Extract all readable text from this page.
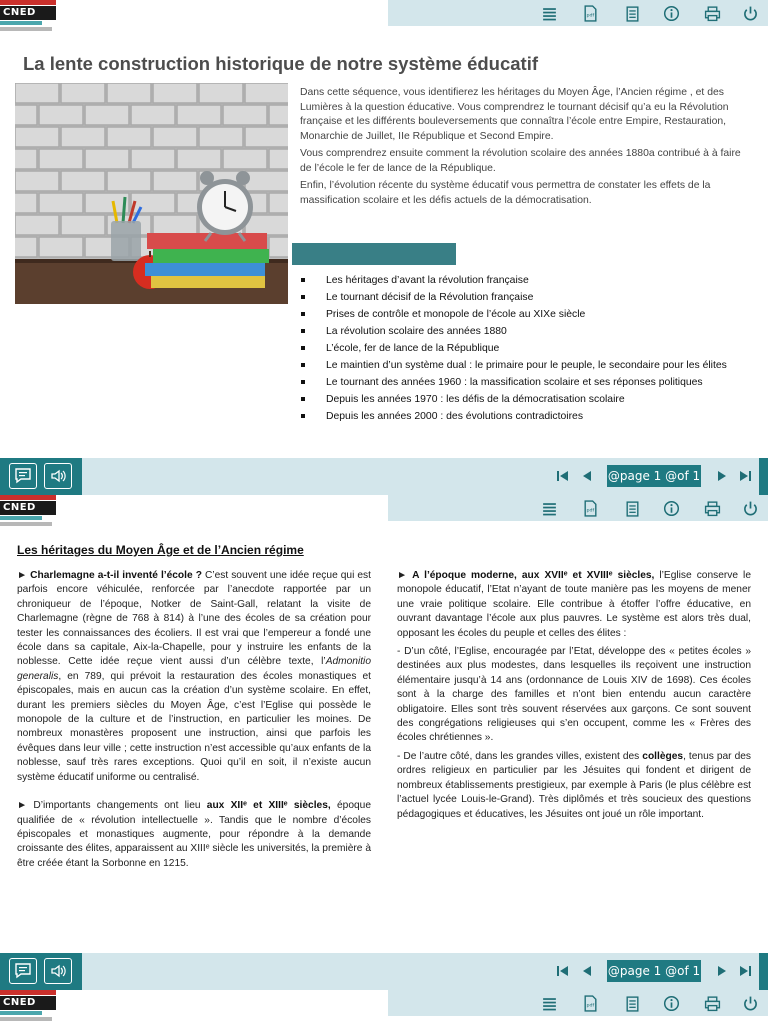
CNED	pdf
La lente construction historique de notre système éducatif

Dans cette séquence, vous identifierez les héritages du Moyen Âge, l’Ancien régime , et des Lumières à la question éducative. Vous comprendrez le tournant décisif qu’a eu la Révolution française et les différents bouleversements que connaîtra l’école entre Empire, Restauration, Monarchie de Juillet, IIe République et Second Empire.

Vous comprendrez ensuite comment la révolution scolaire des années 1880a contribué à à faire de l’école le fer de lance de la République.

Enfin, l’évolution récente du système éducatif vous permettra de constater les effets de la massification scolaire et les défis actuels de la démocratisation.

Les héritages d’avant la révolution française
Le tournant décisif de la Révolution française
Prises de contrôle et monopole de l’école au XIXe siècle
La révolution scolaire des années 1880
L’école, fer de lance de la République
Le maintien d’un système dual : le primaire pour le peuple, le secondaire pour les élites
Le tournant des années 1960 : la massification scolaire et ses réponses politiques
Depuis les années 1970 : les défis de la démocratisation scolaire
Depuis les années 2000 : des évolutions contradictoires
@page 1 @of 1
CNED	pdf
Les héritages du Moyen Âge et de l’Ancien régime

► Charlemagne a-t-il inventé l’école ? C’est souvent une idée reçue qui est parfois encore véhiculée, renforcée par l’anecdote rapportée par un chroniqueur de l’époque, Notker de Saint-Gall, relatant la visite de Charlemagne (règne de 768 à 814) à l’une des écoles de sa création pour tester les connaissances des écoliers. Il est vrai que l’empereur a fondé une école dans sa capitale, Aix-la-Chapelle, pour y instruire les enfants de la noblesse. Cette idée reçue vient aussi d’un célèbre texte, l’Admonitio generalis, en 789, qui prévoit la restauration des écoles monastiques et épiscopales, mais en aucun cas la création d’un système scolaire. En effet, durant les premiers siècles du Moyen Âge, c’est l’Eglise qui possède le monopole de la culture et de l’instruction, en particulier les moines. De nombreux monastères proposent une instruction, ainsi que parfois les évêques dans leur ville ; cette instruction n’est accessible qu’aux enfants de la noblesse, sauf très rares exceptions. Quoi qu’il en soit, il n’existe aucun système éducatif uniforme ou centralisé.

► D’importants changements ont lieu aux XIIᵉ et XIIIᵉ siècles, époque qualifiée de « révolution intellectuelle ». Tandis que le nombre d’écoles épiscopales et monastiques augmente, pour répondre à la demande croissante des élites, apparaissent au XIIIᵉ siècle les universités, la première à être créée étant la Sorbonne en 1215.

► A l’époque moderne, aux XVIIᵉ et XVIIIᵉ siècles, l’Eglise conserve le monopole éducatif, l’Etat n’ayant de toute manière pas les moyens de mener une vraie politique scolaire. Elle contribue à étoffer l’offre éducative, en ouvrant davantage l’école aux plus pauvres. Le système est alors très dual, opposant les écoles du peuple et celles des élites :

- D’un côté, l’Eglise, encouragée par l’Etat, développe des « petites écoles » destinées aux plus modestes, dans lesquelles ils reçoivent une instruction élémentaire jusqu’à 14 ans (ordonnance de Louis XIV de 1698). Ces écoles sont à la charge des familles et n’ont bien entendu aucun caractère obligatoire. Elles sont très souvent réservées aux garçons. Ce sont souvent des congrégations religieuses qui s’en occupent, comme les « Frères des écoles chrétiennes ».

- De l’autre côté, dans les grandes villes, existent des collèges, tenus par des ordres religieux en particulier par les Jésuites qui fondent et dirigent de nombreux établissements prestigieux, par exemple à Paris (le plus célèbre est l’actuel lycée Louis-le-Grand). Très diplômés et très soucieux des questions pédagogiques et éducatives, les Jésuites ont joué un rôle important.

@page 1 @of 1
CNED	pdf
